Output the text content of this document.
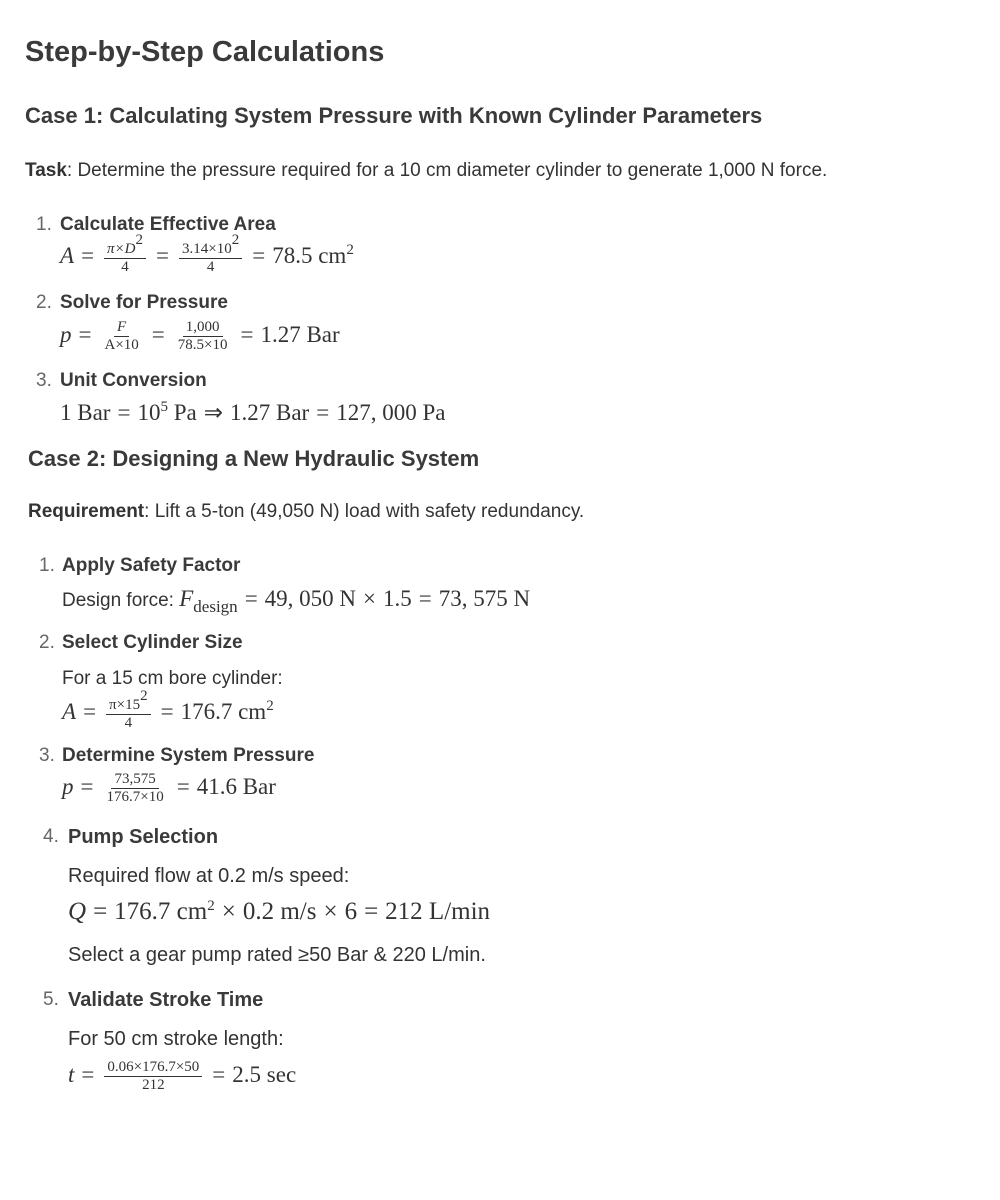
Step-by-Step Calculations
Case 1: Calculating System Pressure with Known Cylinder Parameters
Task: Determine the pressure required for a 10 cm diameter cylinder to generate 1,000 N force.
1. Calculate Effective Area
$A = \frac{\pi\times D^2}{4} = \frac{3.14\times 10^2}{4} = 78.5$ $cm^2$
2. Solve for Pressure
$p = \frac{F}{A\times 10} = \frac{1,000}{78.5\times 10} = 1.27$ Bar
3. Unit Conversion
1 Bar = $10^5$ Pa ⇒ 1.27 Bar = 127, 000 Pa
Case 2: Designing a New Hydraulic System
Requirement: Lift a 5-ton (49,050 N) load with safety redundancy.
1. Apply Safety Factor
Design force: $F_{design} = 49$, 050 N × 1.5 = 73, 575 N
2. Select Cylinder Size
For a 15 cm bore cylinder:
$A = \frac{\pi\times 15^2}{4} = 176.7$ $cm^2$
3. Determine System Pressure
$p = \frac{73,575}{176.7\times 10} = 41.6$ Bar
4. Pump Selection
Required flow at 0.2 m/s speed:
Q = 176.7 $cm^2 \times 0.2$ m/s × 6 = 212 L/min
Select a gear pump rated ≥50 Bar & 220 L/min.
5. Validate Stroke Time
For 50 cm stroke length:
$t = \frac{0.06\times 176.7\times 50}{212} = 2.5$ sec
